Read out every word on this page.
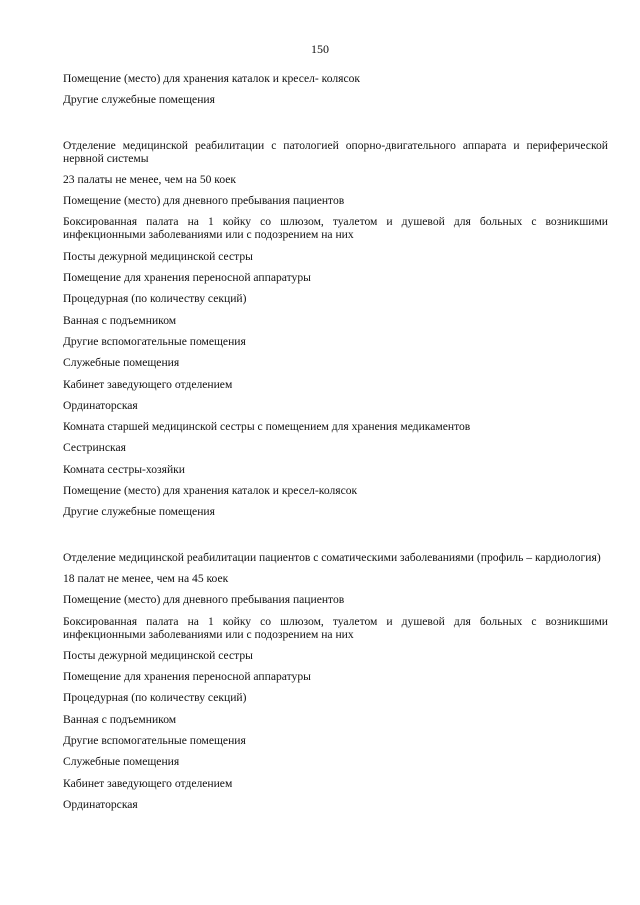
150
Помещение (место) для хранения каталок и кресел- колясок
Другие служебные помещения
Отделение медицинской реабилитации с патологией опорно-двигательного аппарата и периферической нервной системы
23 палаты не менее, чем на 50 коек
Помещение (место) для дневного пребывания пациентов
Боксированная палата на 1 койку со шлюзом, туалетом и душевой для больных с возникшими инфекционными заболеваниями или с подозрением на них
Посты дежурной медицинской сестры
Помещение для хранения переносной аппаратуры
Процедурная (по количеству секций)
Ванная с подъемником
Другие вспомогательные помещения
Служебные помещения
Кабинет заведующего отделением
Ординаторская
Комната старшей медицинской сестры с помещением для хранения медикаментов
Сестринская
Комната сестры-хозяйки
Помещение (место) для хранения каталок и кресел-колясок
Другие служебные помещения
Отделение медицинской реабилитации пациентов с соматическими заболеваниями (профиль – кардиология)
18 палат не менее, чем на 45 коек
Помещение (место) для дневного пребывания пациентов
Боксированная палата на 1 койку со шлюзом, туалетом и душевой для больных с возникшими инфекционными заболеваниями или с подозрением на них
Посты дежурной медицинской сестры
Помещение для хранения переносной аппаратуры
Процедурная (по количеству секций)
Ванная с подъемником
Другие вспомогательные помещения
Служебные помещения
Кабинет заведующего отделением
Ординаторская
